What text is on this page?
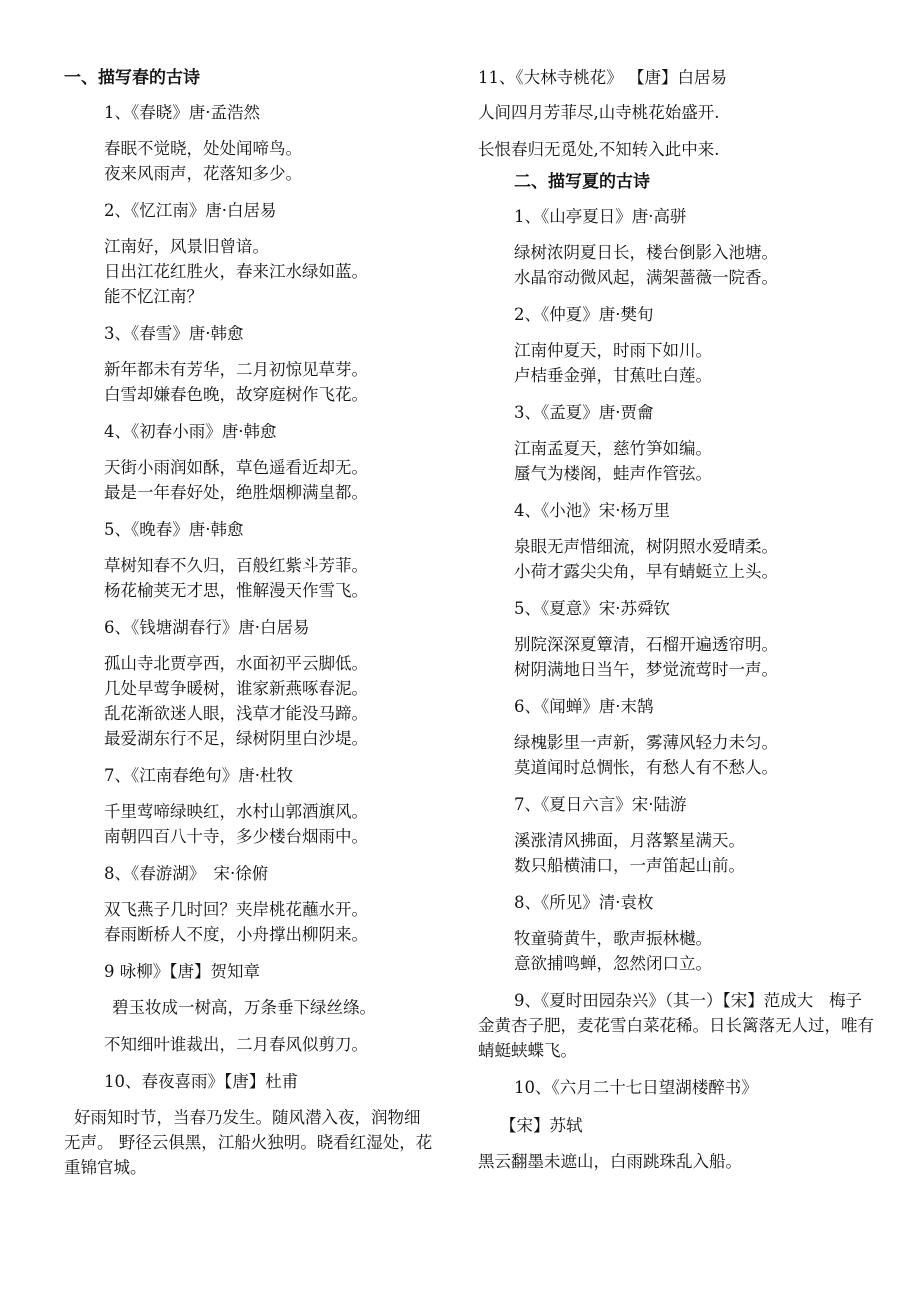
一、描写春的古诗
1、《春晓》唐·孟浩然
春眠不觉晓，处处闻啼鸟。
夜来风雨声，花落知多少。
2、《忆江南》唐·白居易
江南好，风景旧曾谙。
日出江花红胜火，春来江水绿如蓝。
能不忆江南？
3、《春雪》唐·韩愈
新年都未有芳华，二月初惊见草芽。
白雪却嫌春色晚，故穿庭树作飞花。
4、《初春小雨》唐·韩愈
天街小雨润如酥，草色遥看近却无。
最是一年春好处，绝胜烟柳满皇都。
5、《晚春》唐·韩愈
草树知春不久归，百般红紫斗芳菲。
杨花榆荚无才思，惟解漫天作雪飞。
6、《钱塘湖春行》唐·白居易
孤山寺北贾亭西，水面初平云脚低。
几处早莺争暖树，谁家新燕啄春泥。
乱花渐欲迷人眼，浅草才能没马蹄。
最爱湖东行不足，绿树阴里白沙堤。
7、《江南春绝句》唐·杜牧
千里莺啼绿映红，水村山郭酒旗风。
南朝四百八十寺，多少楼台烟雨中。
8、《春游湖》　宋·徐俯
双飞燕子几时回？夹岸桃花蘸水开。
春雨断桥人不度，小舟撑出柳阴来。
9 咏柳》【唐】贺知章
碧玉妆成一树高，万条垂下绿丝绦。
不知细叶谁裁出，二月春风似剪刀。
10、春夜喜雨》【唐】杜甫
好雨知时节，当春乃发生。随风潜入夜，润物细无声。 野径云俱黑，江船火独明。晓看红湿处，花重锦官城。
11、《大林寺桃花》 【唐】白居易
人间四月芳菲尽,山寺桃花始盛开.
长恨春归无觅处,不知转入此中来.
二、描写夏的古诗
1、《山亭夏日》唐·高骈
绿树浓阴夏日长，楼台倒影入池塘。
水晶帘动微风起，满架蔷薇一院香。
2、《仲夏》唐·樊旬
江南仲夏天，时雨下如川。
卢桔垂金弹，甘蕉吐白莲。
3、《孟夏》唐·贾龠
江南孟夏天，慈竹笋如编。
蜃气为楼阁，蛙声作管弦。
4、《小池》宋·杨万里
泉眼无声惜细流，树阴照水爱晴柔。
小荷才露尖尖角，早有蜻蜓立上头。
5、《夏意》宋·苏舜钦
别院深深夏簟清，石榴开遍透帘明。
树阴满地日当午，梦觉流莺时一声。
6、《闻蝉》唐·末鹄
绿槐影里一声新，雾薄风轻力未匀。
莫道闻时总惆怅，有愁人有不愁人。
7、《夏日六言》宋·陆游
溪涨清风拂面，月落繁星满天。
数只船横浦口，一声笛起山前。
8、《所见》清·袁枚
牧童骑黄牛，歌声振林樾。
意欲捕鸣蝉，忽然闭口立。
9、《夏时田园杂兴》（其一）【宋】范成大 梅子金黄杏子肥，麦花雪白菜花稀。日长篱落无人过，唯有蜻蜓蛱蝶飞。
10、《六月二十七日望湖楼醉书》
【宋】苏轼
黑云翻墨未遮山，白雨跳珠乱入船。
